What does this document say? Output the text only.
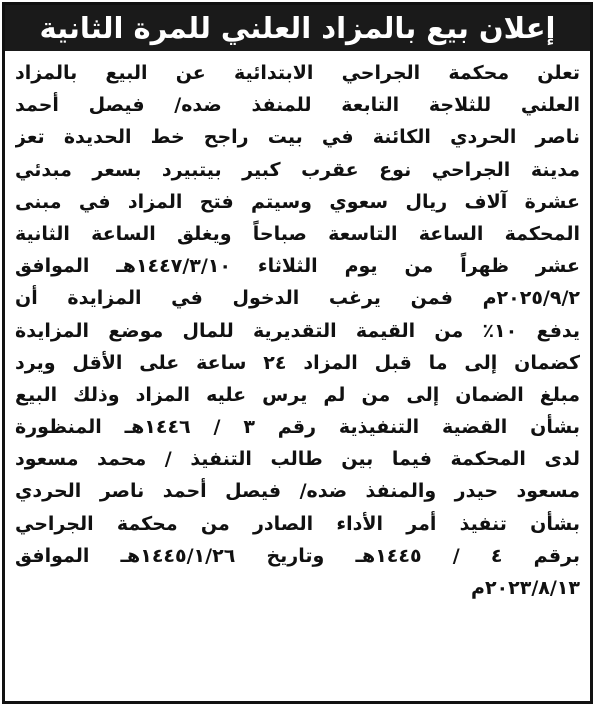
إعلان بيع بالمزاد العلني للمرة الثانية
تعلن محكمة الجراحي الابتدائية عن البيع بالمزاد
العلني للثلاجة التابعة للمنفذ ضده/ فيصل أحمد
ناصر الحردي الكائنة في بيت راجح خط الحديدة تعز
مدينة الجراحي نوع عقرب كبير بيتبيرد بسعر مبدئي
عشرة آلاف ريال سعوي وسيتم فتح المزاد في مبنى
المحكمة الساعة التاسعة صباحاً ويغلق الساعة الثانية
عشر ظهراً من يوم الثلاثاء ١٤٤٧/٣/١٠هـ الموافق
٢٠٢٥/٩/٢م فمن يرغب الدخول في المزايدة أن
يدفع ١٠٪ من القيمة التقديرية للمال موضع المزايدة
كضمان إلى ما قبل المزاد ٢٤ ساعة على الأقل ويرد
مبلغ الضمان إلى من لم يرس عليه المزاد وذلك البيع
بشأن القضية التنفيذية رقم ٣ / ١٤٤٦هـ المنظورة
لدى المحكمة فيما بين طالب التنفيذ / محمد مسعود
مسعود حيدر والمنفذ ضده/ فيصل أحمد ناصر الحردي
بشأن تنفيذ أمر الأداء الصادر من محكمة الجراحي
برقم ٤ / ١٤٤٥هـ وتاريخ ١٤٤٥/١/٢٦هـ الموافق
٢٠٢٣/٨/١٣م
